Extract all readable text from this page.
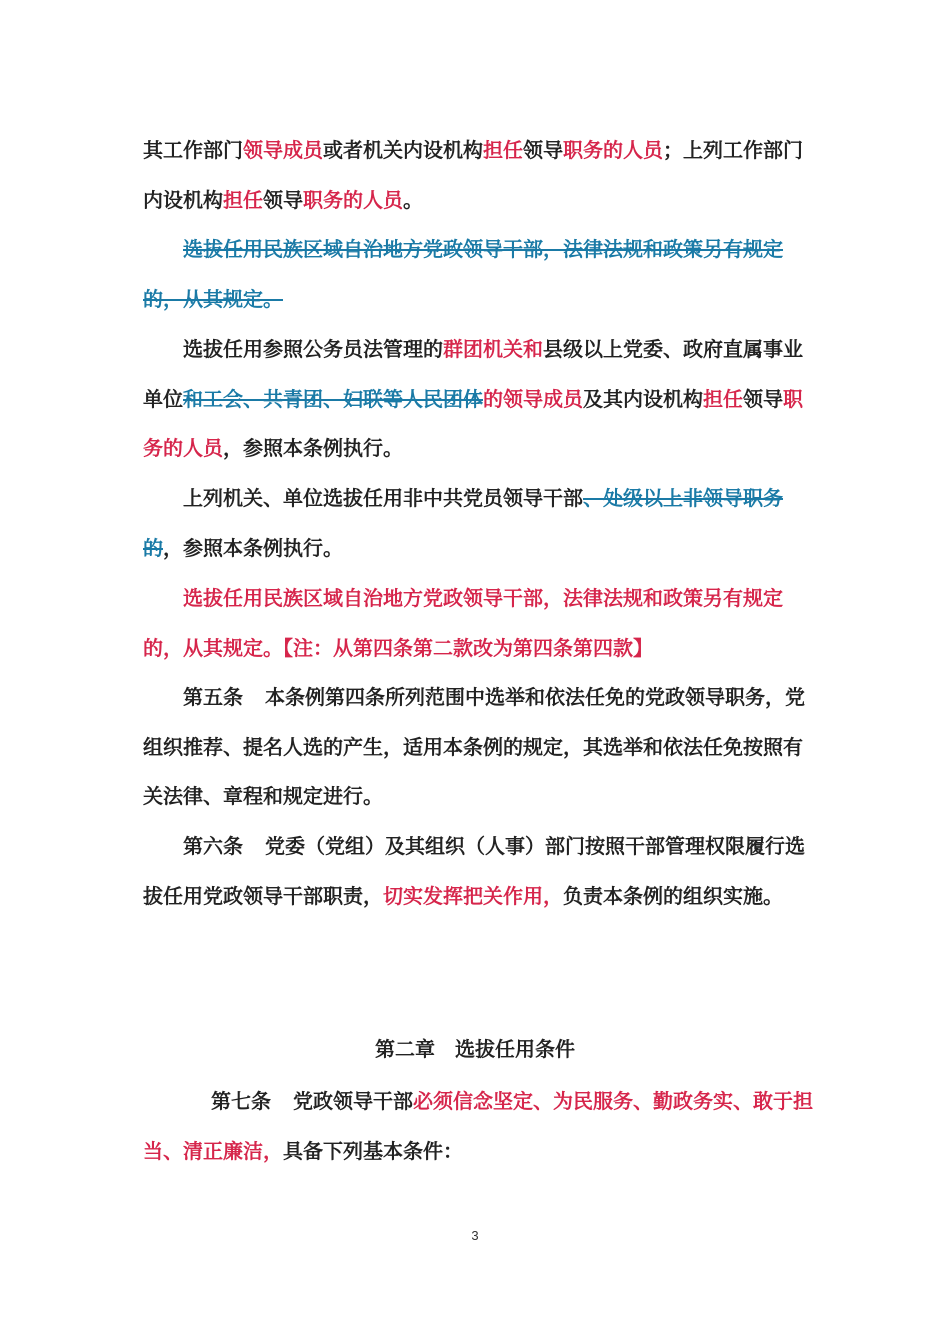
其工作部门领导成员或者机关内设机构担任领导职务的人员；上列工作部门内设机构担任领导职务的人员。

选拔任用民族区域自治地方党政领导干部，法律法规和政策另有规定的，从其规定。

选拔任用参照公务员法管理的群团机关和县级以上党委、政府直属事业单位和工会、共青团、妇联等人民团体的领导成员及其内设机构担任领导职务的人员，参照本条例执行。

上列机关、单位选拔任用非中共党员领导干部、处级以上非领导职务的，参照本条例执行。

选拔任用民族区域自治地方党政领导干部，法律法规和政策另有规定的，从其规定。【注：从第四条第二款改为第四条第四款】

第五条 本条例第四条所列范围中选举和依法任免的党政领导职务，党组织推荐、提名人选的产生，适用本条例的规定，其选举和依法任免按照有关法律、章程和规定进行。

第六条 党委（党组）及其组织（人事）部门按照干部管理权限履行选拔任用党政领导干部职责，切实发挥把关作用，负责本条例的组织实施。

第二章　选拔任用条件

第七条 党政领导干部必须信念坚定、为民服务、勤政务实、敢于担当、清正廉洁，具备下列基本条件：

3
